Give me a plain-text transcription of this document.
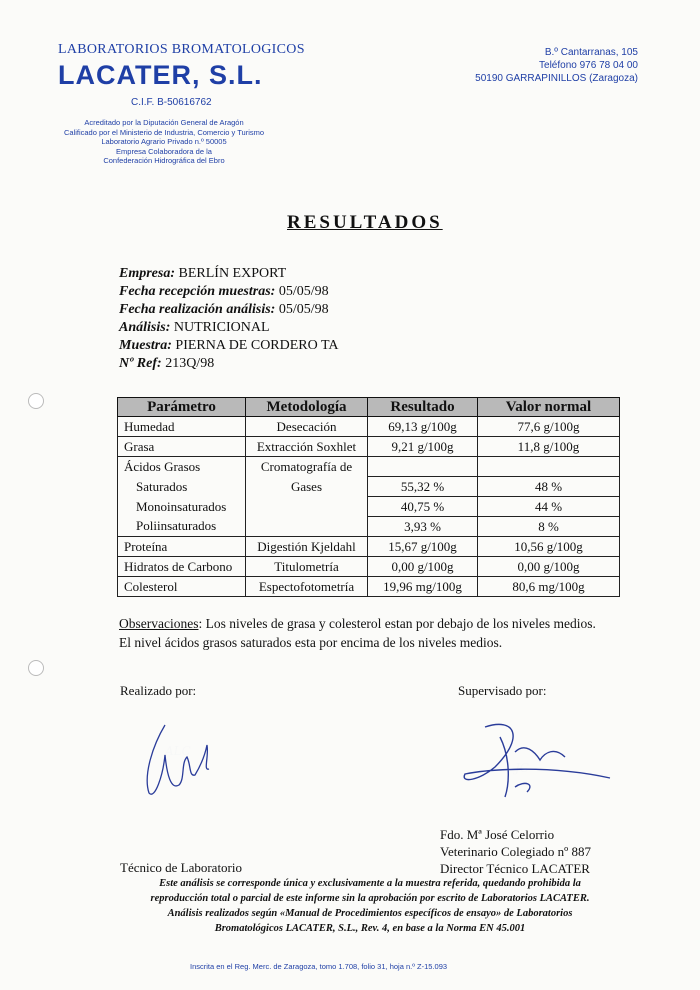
LABORATORIOS BROMATOLOGICOS
LACATER, S.L.
C.I.F. B-50616762
Acreditado por la Diputación General de Aragón
Calificado por el Ministerio de Industria, Comercio y Turismo
Laboratorio Agrario Privado n.º 50005
Empresa Colaboradora de la
Confederación Hidrográfica del Ebro
B.º Cantarranas, 105
Teléfono 976 78 04 00
50190 GARRAPINILLOS (Zaragoza)
RESULTADOS
Empresa: BERLÍN EXPORT
Fecha recepción muestras: 05/05/98
Fecha realización análisis: 05/05/98
Análisis: NUTRICIONAL
Muestra: PIERNA DE CORDERO TA
Nº Ref: 213Q/98
Parámetro	Metodología	Resultado	Valor normal
Humedad	Desecación	69,13 g/100g	77,6 g/100g
Grasa	Extracción Soxhlet	9,21 g/100g	11,8 g/100g
Ácidos Grasos	Cromatografía de		
Saturados	Gases	55,32 %	48 %
Monoinsaturados		40,75 %	44 %
Poliinsaturados		3,93 %	8 %
Proteína	Digestión Kjeldahl	15,67 g/100g	10,56 g/100g
Hidratos de Carbono	Titulometría	0,00 g/100g	0,00 g/100g
Colesterol	Espectofotometría	19,96 mg/100g	80,6 mg/100g
Observaciones: Los niveles de grasa y colesterol estan por debajo de los niveles medios.
El nivel ácidos grasos saturados esta por encima de los niveles medios.
Realizado por:	Supervisado por:
Fdo. Mª José Celorrio
Veterinario Colegiado nº 887
Director Técnico LACATER
Técnico de Laboratorio
Este análisis se corresponde única y exclusivamente a la muestra referida, quedando prohibida la
reproducción total o parcial de este informe sin la aprobación por escrito de Laboratorios LACATER.
Análisis realizados según «Manual de Procedimientos específicos de ensayo» de Laboratorios
Bromatológicos LACATER, S.L., Rev. 4, en base a la Norma EN 45.001
Inscrita en el Reg. Merc. de Zaragoza, tomo 1.708, folio 31, hoja n.º Z-15.093
